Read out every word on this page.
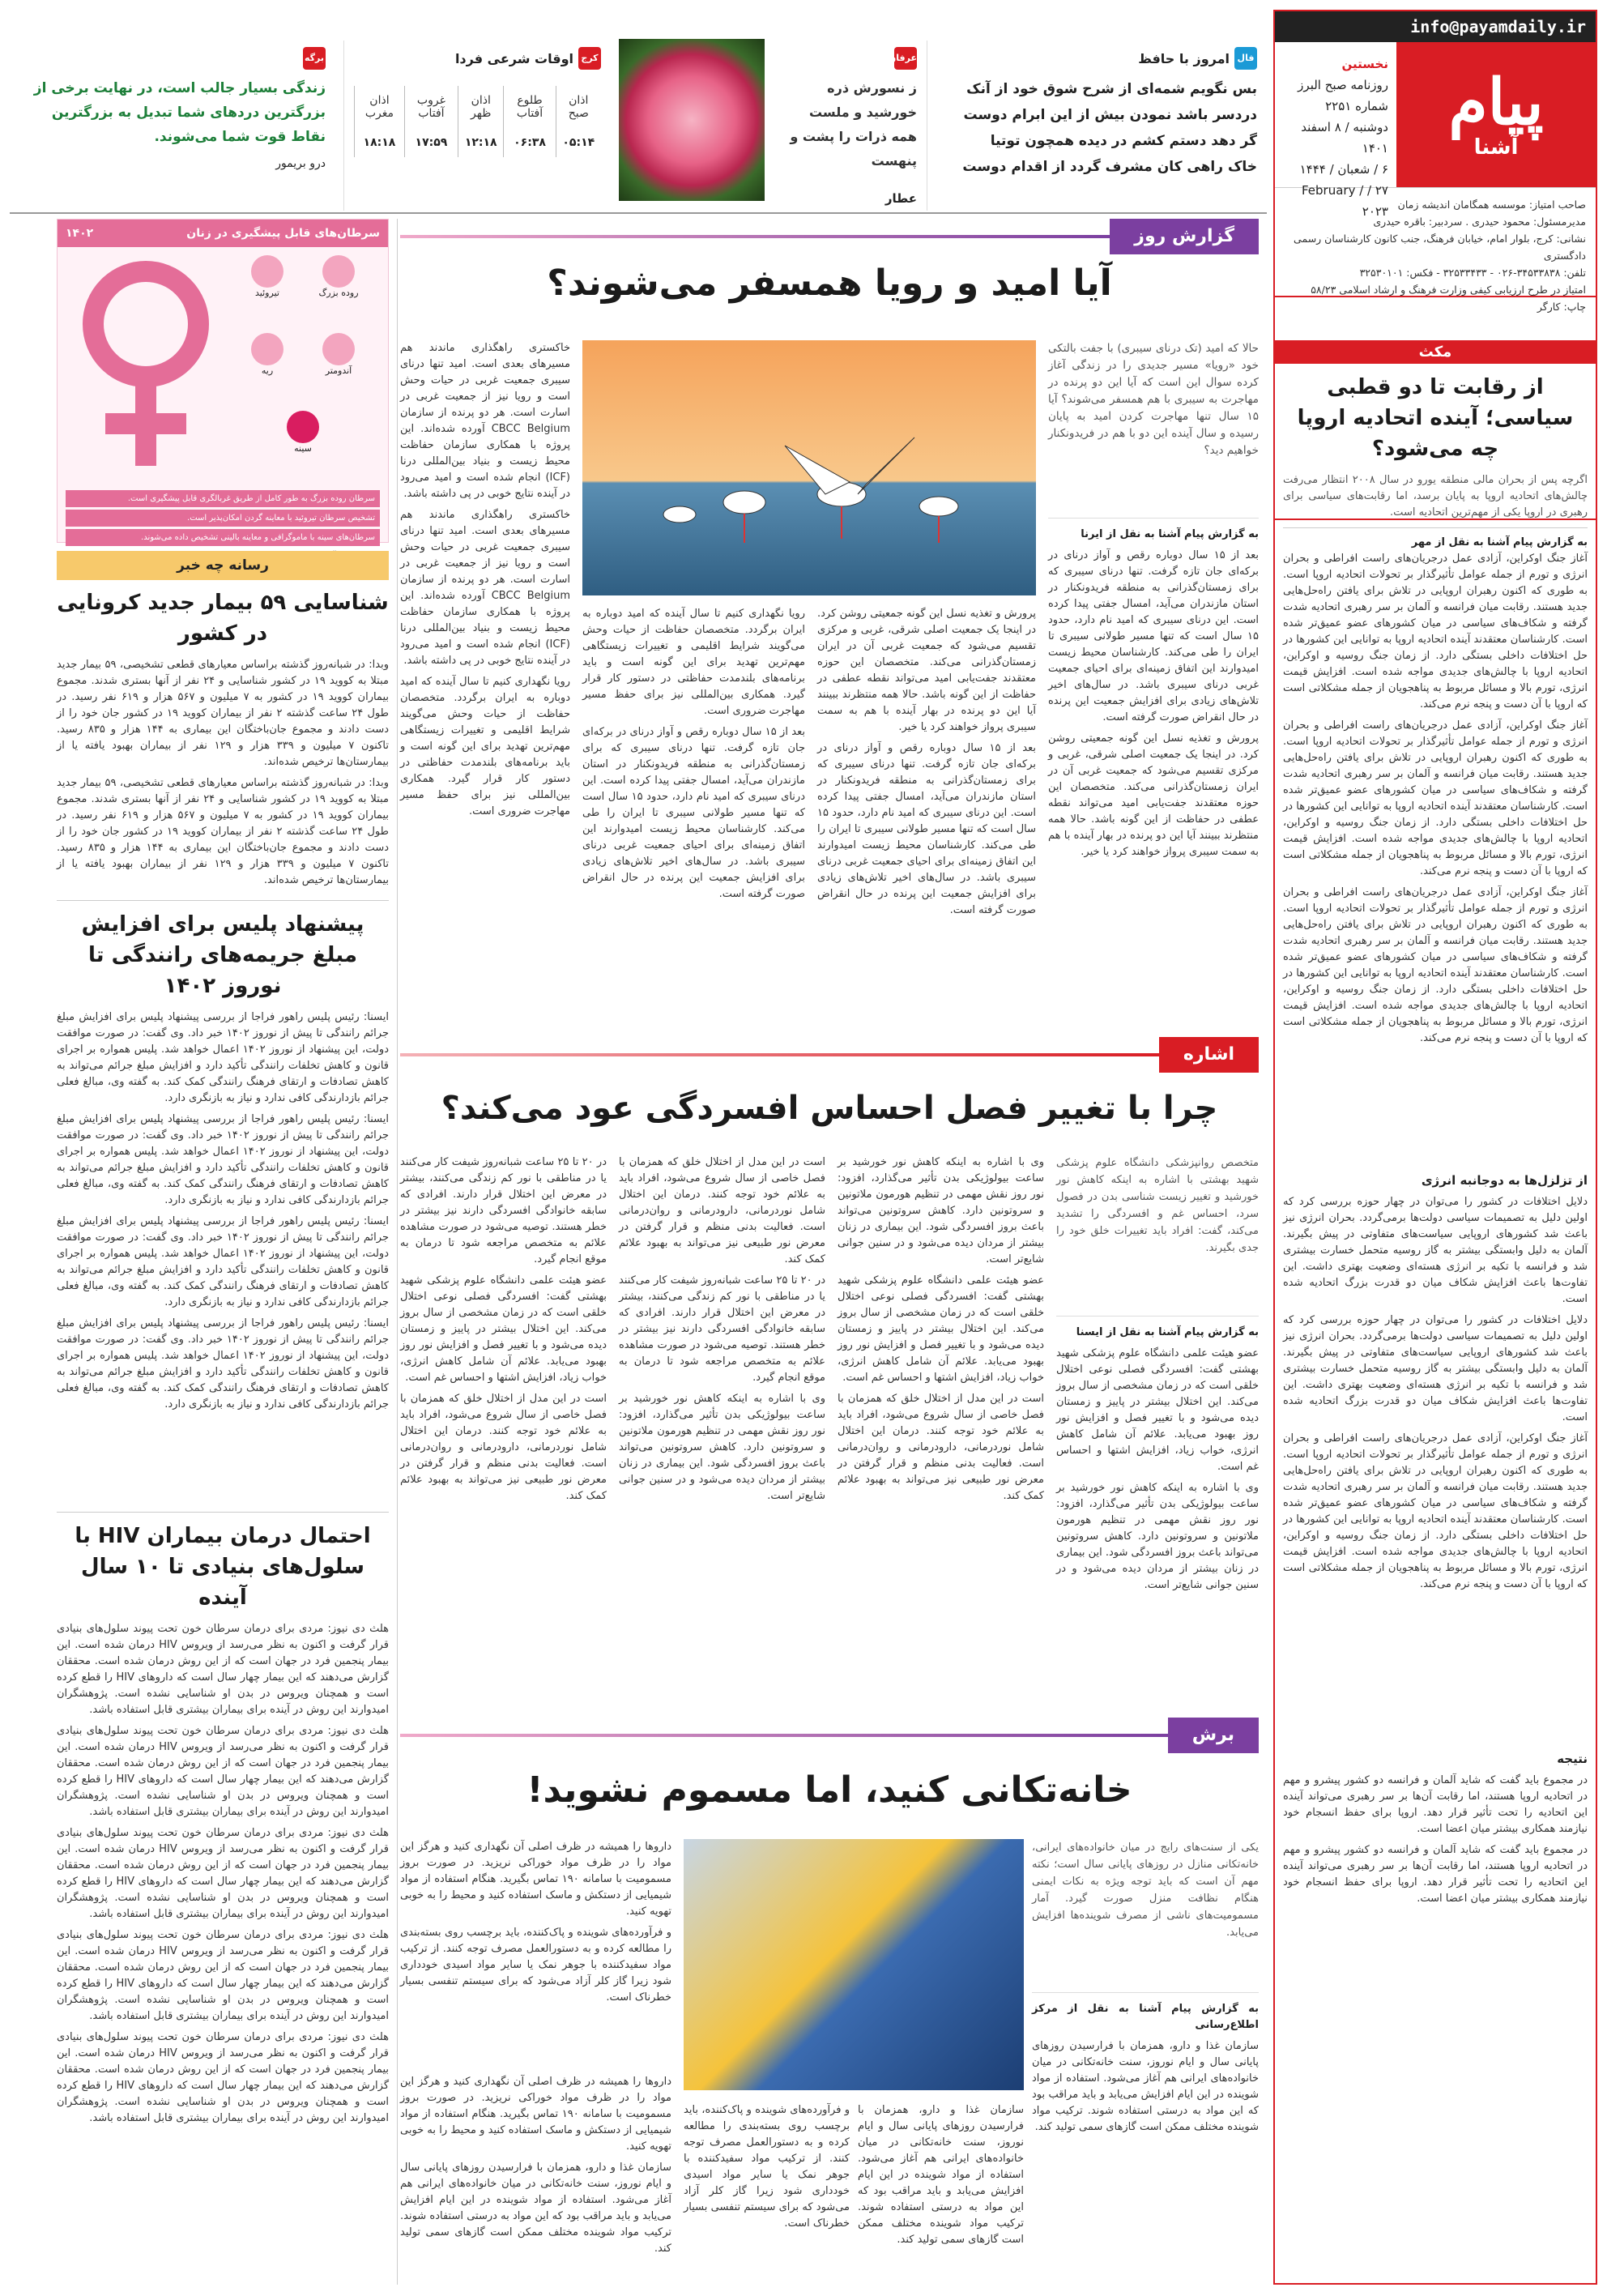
info@payamdaily.ir
پیام
آشنا
نخستین
روزنامه صبح البرز
شماره ۲۲۵۱
دوشنبه / ۸ اسفند ۱۴۰۱
۶ / شعبان / ۱۴۴۴
۲۷ / February / ۲۰۲۳ صاحب امتیاز: موسسه همگامان اندیشه زمان
مدیرمسئول: محمود حیدری . سردبیر: باقره حیدری
نشانی: کرج، بلوار امام، خیابان فرهنگ، جنب کانون کارشناسان رسمی دادگستری
تلفن: ۳۴۵۳۳۸۳۸-۰۲۶ - ۳۲۵۳۳۴۳۳ - فکس: ۳۲۵۳۰۱۰۱
امتیاز در طرح ارزیابی کیفی وزارت فرهنگ و ارشاد اسلامی ۵۸/۲۳
چاپ: کارگر
مکث
از رقابت تا دو قطبی سیاسی؛ آینده اتحادیه اروپا چه می‌شود؟
اگرچه پس از بحران مالی منطقه یورو در سال ۲۰۰۸ انتظار می‌رفت چالش‌های اتحادیه اروپا به پایان برسد، اما رقابت‌های سیاسی برای رهبری در اروپا یکی از مهم‌ترین اتحادیه است.
به گزارش پیام آشنا به نقل از مهر

آغاز جنگ اوکراین، آزادی عمل درجریان‌های راست افراطی و بحران انرژی و تورم از جمله عوامل تأثیرگذار بر تحولات اتحادیه اروپا است. به طوری که اکنون رهبران اروپایی در تلاش برای یافتن راه‌حل‌هایی جدید هستند. رقابت میان فرانسه و آلمان بر سر رهبری اتحادیه شدت گرفته و شکاف‌های سیاسی در میان کشورهای عضو عمیق‌تر شده است. کارشناسان معتقدند آینده اتحادیه اروپا به توانایی این کشورها در حل اختلافات داخلی بستگی دارد. از زمان جنگ روسیه و اوکراین، اتحادیه اروپا با چالش‌های جدیدی مواجه شده است. افزایش قیمت انرژی، تورم بالا و مسائل مربوط به پناهجویان از جمله مشکلاتی است که اروپا با آن دست و پنجه نرم می‌کند.

آغاز جنگ اوکراین، آزادی عمل درجریان‌های راست افراطی و بحران انرژی و تورم از جمله عوامل تأثیرگذار بر تحولات اتحادیه اروپا است. به طوری که اکنون رهبران اروپایی در تلاش برای یافتن راه‌حل‌هایی جدید هستند. رقابت میان فرانسه و آلمان بر سر رهبری اتحادیه شدت گرفته و شکاف‌های سیاسی در میان کشورهای عضو عمیق‌تر شده است. کارشناسان معتقدند آینده اتحادیه اروپا به توانایی این کشورها در حل اختلافات داخلی بستگی دارد. از زمان جنگ روسیه و اوکراین، اتحادیه اروپا با چالش‌های جدیدی مواجه شده است. افزایش قیمت انرژی، تورم بالا و مسائل مربوط به پناهجویان از جمله مشکلاتی است که اروپا با آن دست و پنجه نرم می‌کند.

آغاز جنگ اوکراین، آزادی عمل درجریان‌های راست افراطی و بحران انرژی و تورم از جمله عوامل تأثیرگذار بر تحولات اتحادیه اروپا است. به طوری که اکنون رهبران اروپایی در تلاش برای یافتن راه‌حل‌هایی جدید هستند. رقابت میان فرانسه و آلمان بر سر رهبری اتحادیه شدت گرفته و شکاف‌های سیاسی در میان کشورهای عضو عمیق‌تر شده است. کارشناسان معتقدند آینده اتحادیه اروپا به توانایی این کشورها در حل اختلافات داخلی بستگی دارد. از زمان جنگ روسیه و اوکراین، اتحادیه اروپا با چالش‌های جدیدی مواجه شده است. افزایش قیمت انرژی، تورم بالا و مسائل مربوط به پناهجویان از جمله مشکلاتی است که اروپا با آن دست و پنجه نرم می‌کند.

از تزلزل‌ها به دوجانبه انرژی

دلایل اختلافات در کشور را می‌توان در چهار حوزه بررسی کرد که اولین دلیل به تصمیمات سیاسی دولت‌ها برمی‌گردد. بحران انرژی نیز باعث شد کشورهای اروپایی سیاست‌های متفاوتی در پیش بگیرند. آلمان به دلیل وابستگی بیشتر به گاز روسیه متحمل خسارت بیشتری شد و فرانسه با تکیه بر انرژی هسته‌ای وضعیت بهتری داشت. این تفاوت‌ها باعث افزایش شکاف میان دو قدرت بزرگ اتحادیه شده است.

دلایل اختلافات در کشور را می‌توان در چهار حوزه بررسی کرد که اولین دلیل به تصمیمات سیاسی دولت‌ها برمی‌گردد. بحران انرژی نیز باعث شد کشورهای اروپایی سیاست‌های متفاوتی در پیش بگیرند. آلمان به دلیل وابستگی بیشتر به گاز روسیه متحمل خسارت بیشتری شد و فرانسه با تکیه بر انرژی هسته‌ای وضعیت بهتری داشت. این تفاوت‌ها باعث افزایش شکاف میان دو قدرت بزرگ اتحادیه شده است.

آغاز جنگ اوکراین، آزادی عمل درجریان‌های راست افراطی و بحران انرژی و تورم از جمله عوامل تأثیرگذار بر تحولات اتحادیه اروپا است. به طوری که اکنون رهبران اروپایی در تلاش برای یافتن راه‌حل‌هایی جدید هستند. رقابت میان فرانسه و آلمان بر سر رهبری اتحادیه شدت گرفته و شکاف‌های سیاسی در میان کشورهای عضو عمیق‌تر شده است. کارشناسان معتقدند آینده اتحادیه اروپا به توانایی این کشورها در حل اختلافات داخلی بستگی دارد. از زمان جنگ روسیه و اوکراین، اتحادیه اروپا با چالش‌های جدیدی مواجه شده است. افزایش قیمت انرژی، تورم بالا و مسائل مربوط به پناهجویان از جمله مشکلاتی است که اروپا با آن دست و پنجه نرم می‌کند.

نتیجه

در مجموع باید گفت که شاید آلمان و فرانسه دو کشور پیشرو و مهم در اتحادیه اروپا هستند، اما رقابت آن‌ها بر سر رهبری می‌تواند آینده این اتحادیه را تحت تأثیر قرار دهد. اروپا برای حفظ انسجام خود نیازمند همکاری بیشتر میان اعضا است.

در مجموع باید گفت که شاید آلمان و فرانسه دو کشور پیشرو و مهم در اتحادیه اروپا هستند، اما رقابت آن‌ها بر سر رهبری می‌تواند آینده این اتحادیه را تحت تأثیر قرار دهد. اروپا برای حفظ انسجام خود نیازمند همکاری بیشتر میان اعضا است.

فال
امروز با حافظ
بس نگویم شمه‌ای از شرح شوق خود از آنک
دردسر باشد نمودن بیش از این ابرام دوست
گر دهد دستم کشم در دیده همچون توتیا
خاک راهی کان مشرف گردد از اقدام دوست
عرفان
ز نسورش ذره خورشید و ملست
همه ذرات را پشت و پنهست
عطار
کرج
اوقات شرعی فردا
اذان صبح	طلوع آفتاب	اذان ظهر	غروب آفتاب	اذان مغرب
۰۵:۱۴	۰۶:۳۸	۱۲:۱۸	۱۷:۵۹	۱۸:۱۸
برگه
زندگی بسیار جالب است، در نهایت برخی از بزرگترین دردهای شما تبدیل به بزرگترین نقاط قوت شما می‌شوند.
درو بریمور
گزارش روز
آیا امید و رویا همسفر می‌شوند؟
حالا که امید (تک درنای سیبری) با جفت بالتکی خود «رویا» مسیر جدیدی را در زندگی آغاز کرده سوال این است که آیا این دو پرنده در مهاجرت به سیبری با هم همسفر می‌شوند؟ آیا ۱۵ سال تنها مهاجرت کردن امید به پایان رسیده و سال آینده این دو با هم در فریدونکنار خواهیم دید؟

خاکستری راهگذاری ماندند هم مسیرهای بعدی است. امید تنها درنای سیبری جمعیت غربی در حیات وحش است و رویا نیز از جمعیت غربی در اسارت است. هر دو پرنده از سازمان CBCC Belgium آورده شده‌اند. این پروژه با همکاری سازمان حفاظت محیط زیست و بنیاد بین‌المللی درنا (ICF) انجام شده است و امید می‌رود در آینده نتایج خوبی در پی داشته باشد.

خاکستری راهگذاری ماندند هم مسیرهای بعدی است. امید تنها درنای سیبری جمعیت غربی در حیات وحش است و رویا نیز از جمعیت غربی در اسارت است. هر دو پرنده از سازمان CBCC Belgium آورده شده‌اند. این پروژه با همکاری سازمان حفاظت محیط زیست و بنیاد بین‌المللی درنا (ICF) انجام شده است و امید می‌رود در آینده نتایج خوبی در پی داشته باشد.

رویا نگهداری کنیم تا سال آینده که امید دوباره به ایران برگردد. متخصصان حفاظت از حیات وحش می‌گویند شرایط اقلیمی و تغییرات زیستگاهی مهم‌ترین تهدید برای این گونه است و باید برنامه‌های بلندمدت حفاظتی در دستور کار قرار گیرد. همکاری بین‌المللی نیز برای حفظ مسیر مهاجرت ضروری است.

به گزارش پیام آشنا به نقل از ایرنا

بعد از ۱۵ سال دوباره رقص و آواز درنای در برکه‌ای جان تازه گرفت. تنها درنای سیبری که برای زمستان‌گذرانی به منطقه فریدونکنار در استان مازندران می‌آید، امسال جفتی پیدا کرده است. این درنای سیبری که امید نام دارد، حدود ۱۵ سال است که تنها مسیر طولانی سیبری تا ایران را طی می‌کند. کارشناسان محیط زیست امیدوارند این اتفاق زمینه‌ای برای احیای جمعیت غربی درنای سیبری باشد. در سال‌های اخیر تلاش‌های زیادی برای افزایش جمعیت این پرنده در حال انقراض صورت گرفته است.

پرورش و تغذیه نسل این گونه جمعیتی روشن کرد. در اینجا یک جمعیت اصلی شرقی، غربی و مرکزی تقسیم می‌شود که جمعیت غربی آن در ایران زمستان‌گذرانی می‌کند. متخصصان این حوزه معتقدند جفت‌یابی امید می‌تواند نقطه عطفی در حفاظت از این گونه باشد. حالا همه منتظرند ببینند آیا این دو پرنده در بهار آینده با هم به سمت سیبری پرواز خواهند کرد یا خیر.

پرورش و تغذیه نسل این گونه جمعیتی روشن کرد. در اینجا یک جمعیت اصلی شرقی، غربی و مرکزی تقسیم می‌شود که جمعیت غربی آن در ایران زمستان‌گذرانی می‌کند. متخصصان این حوزه معتقدند جفت‌یابی امید می‌تواند نقطه عطفی در حفاظت از این گونه باشد. حالا همه منتظرند ببینند آیا این دو پرنده در بهار آینده با هم به سمت سیبری پرواز خواهند کرد یا خیر.

بعد از ۱۵ سال دوباره رقص و آواز درنای در برکه‌ای جان تازه گرفت. تنها درنای سیبری که برای زمستان‌گذرانی به منطقه فریدونکنار در استان مازندران می‌آید، امسال جفتی پیدا کرده است. این درنای سیبری که امید نام دارد، حدود ۱۵ سال است که تنها مسیر طولانی سیبری تا ایران را طی می‌کند. کارشناسان محیط زیست امیدوارند این اتفاق زمینه‌ای برای احیای جمعیت غربی درنای سیبری باشد. در سال‌های اخیر تلاش‌های زیادی برای افزایش جمعیت این پرنده در حال انقراض صورت گرفته است.

رویا نگهداری کنیم تا سال آینده که امید دوباره به ایران برگردد. متخصصان حفاظت از حیات وحش می‌گویند شرایط اقلیمی و تغییرات زیستگاهی مهم‌ترین تهدید برای این گونه است و باید برنامه‌های بلندمدت حفاظتی در دستور کار قرار گیرد. همکاری بین‌المللی نیز برای حفظ مسیر مهاجرت ضروری است.

بعد از ۱۵ سال دوباره رقص و آواز درنای در برکه‌ای جان تازه گرفت. تنها درنای سیبری که برای زمستان‌گذرانی به منطقه فریدونکنار در استان مازندران می‌آید، امسال جفتی پیدا کرده است. این درنای سیبری که امید نام دارد، حدود ۱۵ سال است که تنها مسیر طولانی سیبری تا ایران را طی می‌کند. کارشناسان محیط زیست امیدوارند این اتفاق زمینه‌ای برای احیای جمعیت غربی درنای سیبری باشد. در سال‌های اخیر تلاش‌های زیادی برای افزایش جمعیت این پرنده در حال انقراض صورت گرفته است.

اشاره
چرا با تغییر فصل احساس افسردگی عود می‌کند؟
متخصص روانپزشکی دانشگاه علوم پزشکی شهید بهشتی با اشاره به اینکه کاهش نور خورشید و تغییر زیست شناسی بدن در فصول سرد، احساس غم و افسردگی را تشدید می‌کند، گفت: افراد باید تغییرات خلق خود را جدی بگیرند.

به گزارش پیام آشنا به نقل از ایسنا

عضو هیئت علمی دانشگاه علوم پزشکی شهید بهشتی گفت: افسردگی فصلی نوعی اختلال خلقی است که در زمان مشخصی از سال بروز می‌کند. این اختلال بیشتر در پاییز و زمستان دیده می‌شود و با تغییر فصل و افزایش نور روز بهبود می‌یابد. علائم آن شامل کاهش انرژی، خواب زیاد، افزایش اشتها و احساس غم است.

وی با اشاره به اینکه کاهش نور خورشید بر ساعت بیولوژیکی بدن تأثیر می‌گذارد، افزود: نور روز نقش مهمی در تنظیم هورمون ملاتونین و سروتونین دارد. کاهش سروتونین می‌تواند باعث بروز افسردگی شود. این بیماری در زنان بیشتر از مردان دیده می‌شود و در سنین جوانی شایع‌تر است.

وی با اشاره به اینکه کاهش نور خورشید بر ساعت بیولوژیکی بدن تأثیر می‌گذارد، افزود: نور روز نقش مهمی در تنظیم هورمون ملاتونین و سروتونین دارد. کاهش سروتونین می‌تواند باعث بروز افسردگی شود. این بیماری در زنان بیشتر از مردان دیده می‌شود و در سنین جوانی شایع‌تر است.

عضو هیئت علمی دانشگاه علوم پزشکی شهید بهشتی گفت: افسردگی فصلی نوعی اختلال خلقی است که در زمان مشخصی از سال بروز می‌کند. این اختلال بیشتر در پاییز و زمستان دیده می‌شود و با تغییر فصل و افزایش نور روز بهبود می‌یابد. علائم آن شامل کاهش انرژی، خواب زیاد، افزایش اشتها و احساس غم است.

است در این مدل از اختلال خلق که همزمان با فصل خاصی از سال شروع می‌شود، افراد باید به علائم خود توجه کنند. درمان این اختلال شامل نوردرمانی، دارودرمانی و روان‌درمانی است. فعالیت بدنی منظم و قرار گرفتن در معرض نور طبیعی نیز می‌تواند به بهبود علائم کمک کند.

است در این مدل از اختلال خلق که همزمان با فصل خاصی از سال شروع می‌شود، افراد باید به علائم خود توجه کنند. درمان این اختلال شامل نوردرمانی، دارودرمانی و روان‌درمانی است. فعالیت بدنی منظم و قرار گرفتن در معرض نور طبیعی نیز می‌تواند به بهبود علائم کمک کند.

در ۲۰ تا ۲۵ ساعت شبانه‌روز شیفت کار می‌کنند یا در مناطقی با نور کم زندگی می‌کنند، بیشتر در معرض این اختلال قرار دارند. افرادی که سابقه خانوادگی افسردگی دارند نیز بیشتر در خطر هستند. توصیه می‌شود در صورت مشاهده علائم به متخصص مراجعه شود تا درمان به موقع انجام گیرد.

وی با اشاره به اینکه کاهش نور خورشید بر ساعت بیولوژیکی بدن تأثیر می‌گذارد، افزود: نور روز نقش مهمی در تنظیم هورمون ملاتونین و سروتونین دارد. کاهش سروتونین می‌تواند باعث بروز افسردگی شود. این بیماری در زنان بیشتر از مردان دیده می‌شود و در سنین جوانی شایع‌تر است.

در ۲۰ تا ۲۵ ساعت شبانه‌روز شیفت کار می‌کنند یا در مناطقی با نور کم زندگی می‌کنند، بیشتر در معرض این اختلال قرار دارند. افرادی که سابقه خانوادگی افسردگی دارند نیز بیشتر در خطر هستند. توصیه می‌شود در صورت مشاهده علائم به متخصص مراجعه شود تا درمان به موقع انجام گیرد.

عضو هیئت علمی دانشگاه علوم پزشکی شهید بهشتی گفت: افسردگی فصلی نوعی اختلال خلقی است که در زمان مشخصی از سال بروز می‌کند. این اختلال بیشتر در پاییز و زمستان دیده می‌شود و با تغییر فصل و افزایش نور روز بهبود می‌یابد. علائم آن شامل کاهش انرژی، خواب زیاد، افزایش اشتها و احساس غم است.

است در این مدل از اختلال خلق که همزمان با فصل خاصی از سال شروع می‌شود، افراد باید به علائم خود توجه کنند. درمان این اختلال شامل نوردرمانی، دارودرمانی و روان‌درمانی است. فعالیت بدنی منظم و قرار گرفتن در معرض نور طبیعی نیز می‌تواند به بهبود علائم کمک کند.

برش
خانه‌تکانی کنید، اما مسموم نشوید!
یکی از سنت‌های رایج در میان خانواده‌های ایرانی، خانه‌تکانی منازل در روزهای پایانی سال است؛ نکته مهم آن است که باید توجه ویژه به نکات ایمنی هنگام نظافت منزل صورت گیرد. آمار مسمومیت‌های ناشی از مصرف شوینده‌ها افزایش می‌یابد.

داروها را همیشه در ظرف اصلی آن نگهداری کنید و هرگز این مواد را در ظرف مواد خوراکی نریزید. در صورت بروز مسمومیت با سامانه ۱۹۰ تماس بگیرید. هنگام استفاده از مواد شیمیایی از دستکش و ماسک استفاده کنید و محیط را به خوبی تهویه کنید.

و فرآورده‌های شوینده و پاک‌کننده، باید برچسب روی بسته‌بندی را مطالعه کرده و به دستورالعمل مصرف توجه کنند. از ترکیب مواد سفیدکننده با جوهر نمک یا سایر مواد اسیدی خودداری شود زیرا گاز کلر آزاد می‌شود که برای سیستم تنفسی بسیار خطرناک است.

به گزارش پیام آشنا به نقل از مرکز اطلاع‌رسانی

سازمان غذا و دارو، همزمان با فرارسیدن روزهای پایانی سال و ایام نوروز، سنت خانه‌تکانی در میان خانواده‌های ایرانی هم آغاز می‌شود. استفاده از مواد شوینده در این ایام افزایش می‌یابد و باید مراقب بود که این مواد به درستی استفاده شوند. ترکیب مواد شوینده مختلف ممکن است گازهای سمی تولید کند.

سازمان غذا و دارو، همزمان با فرارسیدن روزهای پایانی سال و ایام نوروز، سنت خانه‌تکانی در میان خانواده‌های ایرانی هم آغاز می‌شود. استفاده از مواد شوینده در این ایام افزایش می‌یابد و باید مراقب بود که این مواد به درستی استفاده شوند. ترکیب مواد شوینده مختلف ممکن است گازهای سمی تولید کند.

و فرآورده‌های شوینده و پاک‌کننده، باید برچسب روی بسته‌بندی را مطالعه کرده و به دستورالعمل مصرف توجه کنند. از ترکیب مواد سفیدکننده با جوهر نمک یا سایر مواد اسیدی خودداری شود زیرا گاز کلر آزاد می‌شود که برای سیستم تنفسی بسیار خطرناک است.

داروها را همیشه در ظرف اصلی آن نگهداری کنید و هرگز این مواد را در ظرف مواد خوراکی نریزید. در صورت بروز مسمومیت با سامانه ۱۹۰ تماس بگیرید. هنگام استفاده از مواد شیمیایی از دستکش و ماسک استفاده کنید و محیط را به خوبی تهویه کنید.

سازمان غذا و دارو، همزمان با فرارسیدن روزهای پایانی سال و ایام نوروز، سنت خانه‌تکانی در میان خانواده‌های ایرانی هم آغاز می‌شود. استفاده از مواد شوینده در این ایام افزایش می‌یابد و باید مراقب بود که این مواد به درستی استفاده شوند. ترکیب مواد شوینده مختلف ممکن است گازهای سمی تولید کند.

سرطان‌های قابل پیشگیری در زنان
۱۴۰۲
روده بزرگ
تیروئید
آندومتر
ریه
سینه
سرطان روده بزرگ به طور کامل از طریق غربالگری قابل پیشگیری است.
تشخیص سرطان تیروئید با معاینه گردن امکان‌پذیر است.
سرطان‌های سینه با ماموگرافی و معاینه بالینی تشخیص داده می‌شوند.
رسانه چه خبر
شناسایی ۵۹ بیمار جدید کرونایی در کشور

وبدا: در شبانه‌روز گذشته براساس معیارهای قطعی تشخیصی، ۵۹ بیمار جدید مبتلا به کووید ۱۹ در کشور شناسایی و ۲۴ نفر از آنها بستری شدند. مجموع بیماران کووید ۱۹ در کشور به ۷ میلیون و ۵۶۷ هزار و ۶۱۹ نفر رسید. در طول ۲۴ ساعت گذشته ۲ نفر از بیماران کووید ۱۹ در کشور جان خود را از دست دادند و مجموع جان‌باختگان این بیماری به ۱۴۴ هزار و ۸۳۵ رسید. تاکنون ۷ میلیون و ۳۳۹ هزار و ۱۲۹ نفر از بیماران بهبود یافته یا از بیمارستان‌ها ترخیص شده‌اند.

وبدا: در شبانه‌روز گذشته براساس معیارهای قطعی تشخیصی، ۵۹ بیمار جدید مبتلا به کووید ۱۹ در کشور شناسایی و ۲۴ نفر از آنها بستری شدند. مجموع بیماران کووید ۱۹ در کشور به ۷ میلیون و ۵۶۷ هزار و ۶۱۹ نفر رسید. در طول ۲۴ ساعت گذشته ۲ نفر از بیماران کووید ۱۹ در کشور جان خود را از دست دادند و مجموع جان‌باختگان این بیماری به ۱۴۴ هزار و ۸۳۵ رسید. تاکنون ۷ میلیون و ۳۳۹ هزار و ۱۲۹ نفر از بیماران بهبود یافته یا از بیمارستان‌ها ترخیص شده‌اند.

پیشنهاد پلیس برای افزایش مبلغ جریمه‌های رانندگی تا نوروز ۱۴۰۲

ایسنا: رئیس پلیس راهور فراجا از بررسی پیشنهاد پلیس برای افزایش مبلغ جرائم رانندگی تا پیش از نوروز ۱۴۰۲ خبر داد. وی گفت: در صورت موافقت دولت، این پیشنهاد از نوروز ۱۴۰۲ اعمال خواهد شد. پلیس همواره بر اجرای قانون و کاهش تخلفات رانندگی تأکید دارد و افزایش مبلغ جرائم می‌تواند به کاهش تصادفات و ارتقای فرهنگ رانندگی کمک کند. به گفته وی، مبالغ فعلی جرائم بازدارندگی کافی ندارد و نیاز به بازنگری دارد.

ایسنا: رئیس پلیس راهور فراجا از بررسی پیشنهاد پلیس برای افزایش مبلغ جرائم رانندگی تا پیش از نوروز ۱۴۰۲ خبر داد. وی گفت: در صورت موافقت دولت، این پیشنهاد از نوروز ۱۴۰۲ اعمال خواهد شد. پلیس همواره بر اجرای قانون و کاهش تخلفات رانندگی تأکید دارد و افزایش مبلغ جرائم می‌تواند به کاهش تصادفات و ارتقای فرهنگ رانندگی کمک کند. به گفته وی، مبالغ فعلی جرائم بازدارندگی کافی ندارد و نیاز به بازنگری دارد.

ایسنا: رئیس پلیس راهور فراجا از بررسی پیشنهاد پلیس برای افزایش مبلغ جرائم رانندگی تا پیش از نوروز ۱۴۰۲ خبر داد. وی گفت: در صورت موافقت دولت، این پیشنهاد از نوروز ۱۴۰۲ اعمال خواهد شد. پلیس همواره بر اجرای قانون و کاهش تخلفات رانندگی تأکید دارد و افزایش مبلغ جرائم می‌تواند به کاهش تصادفات و ارتقای فرهنگ رانندگی کمک کند. به گفته وی، مبالغ فعلی جرائم بازدارندگی کافی ندارد و نیاز به بازنگری دارد.

ایسنا: رئیس پلیس راهور فراجا از بررسی پیشنهاد پلیس برای افزایش مبلغ جرائم رانندگی تا پیش از نوروز ۱۴۰۲ خبر داد. وی گفت: در صورت موافقت دولت، این پیشنهاد از نوروز ۱۴۰۲ اعمال خواهد شد. پلیس همواره بر اجرای قانون و کاهش تخلفات رانندگی تأکید دارد و افزایش مبلغ جرائم می‌تواند به کاهش تصادفات و ارتقای فرهنگ رانندگی کمک کند. به گفته وی، مبالغ فعلی جرائم بازدارندگی کافی ندارد و نیاز به بازنگری دارد.

احتمال درمان بیماران HIV با سلول‌های بنیادی تا ۱۰ سال آینده

هلث دی نیوز: مردی برای درمان سرطان خون تحت پیوند سلول‌های بنیادی قرار گرفت و اکنون به نظر می‌رسد از ویروس HIV درمان شده است. این بیمار پنجمین فرد در جهان است که از این روش درمان شده است. محققان گزارش می‌دهند که این بیمار چهار سال است که داروهای HIV را قطع کرده است و همچنان ویروس در بدن او شناسایی نشده است. پژوهشگران امیدوارند این روش در آینده برای بیماران بیشتری قابل استفاده باشد.

هلث دی نیوز: مردی برای درمان سرطان خون تحت پیوند سلول‌های بنیادی قرار گرفت و اکنون به نظر می‌رسد از ویروس HIV درمان شده است. این بیمار پنجمین فرد در جهان است که از این روش درمان شده است. محققان گزارش می‌دهند که این بیمار چهار سال است که داروهای HIV را قطع کرده است و همچنان ویروس در بدن او شناسایی نشده است. پژوهشگران امیدوارند این روش در آینده برای بیماران بیشتری قابل استفاده باشد.

هلث دی نیوز: مردی برای درمان سرطان خون تحت پیوند سلول‌های بنیادی قرار گرفت و اکنون به نظر می‌رسد از ویروس HIV درمان شده است. این بیمار پنجمین فرد در جهان است که از این روش درمان شده است. محققان گزارش می‌دهند که این بیمار چهار سال است که داروهای HIV را قطع کرده است و همچنان ویروس در بدن او شناسایی نشده است. پژوهشگران امیدوارند این روش در آینده برای بیماران بیشتری قابل استفاده باشد.

هلث دی نیوز: مردی برای درمان سرطان خون تحت پیوند سلول‌های بنیادی قرار گرفت و اکنون به نظر می‌رسد از ویروس HIV درمان شده است. این بیمار پنجمین فرد در جهان است که از این روش درمان شده است. محققان گزارش می‌دهند که این بیمار چهار سال است که داروهای HIV را قطع کرده است و همچنان ویروس در بدن او شناسایی نشده است. پژوهشگران امیدوارند این روش در آینده برای بیماران بیشتری قابل استفاده باشد.

هلث دی نیوز: مردی برای درمان سرطان خون تحت پیوند سلول‌های بنیادی قرار گرفت و اکنون به نظر می‌رسد از ویروس HIV درمان شده است. این بیمار پنجمین فرد در جهان است که از این روش درمان شده است. محققان گزارش می‌دهند که این بیمار چهار سال است که داروهای HIV را قطع کرده است و همچنان ویروس در بدن او شناسایی نشده است. پژوهشگران امیدوارند این روش در آینده برای بیماران بیشتری قابل استفاده باشد.
